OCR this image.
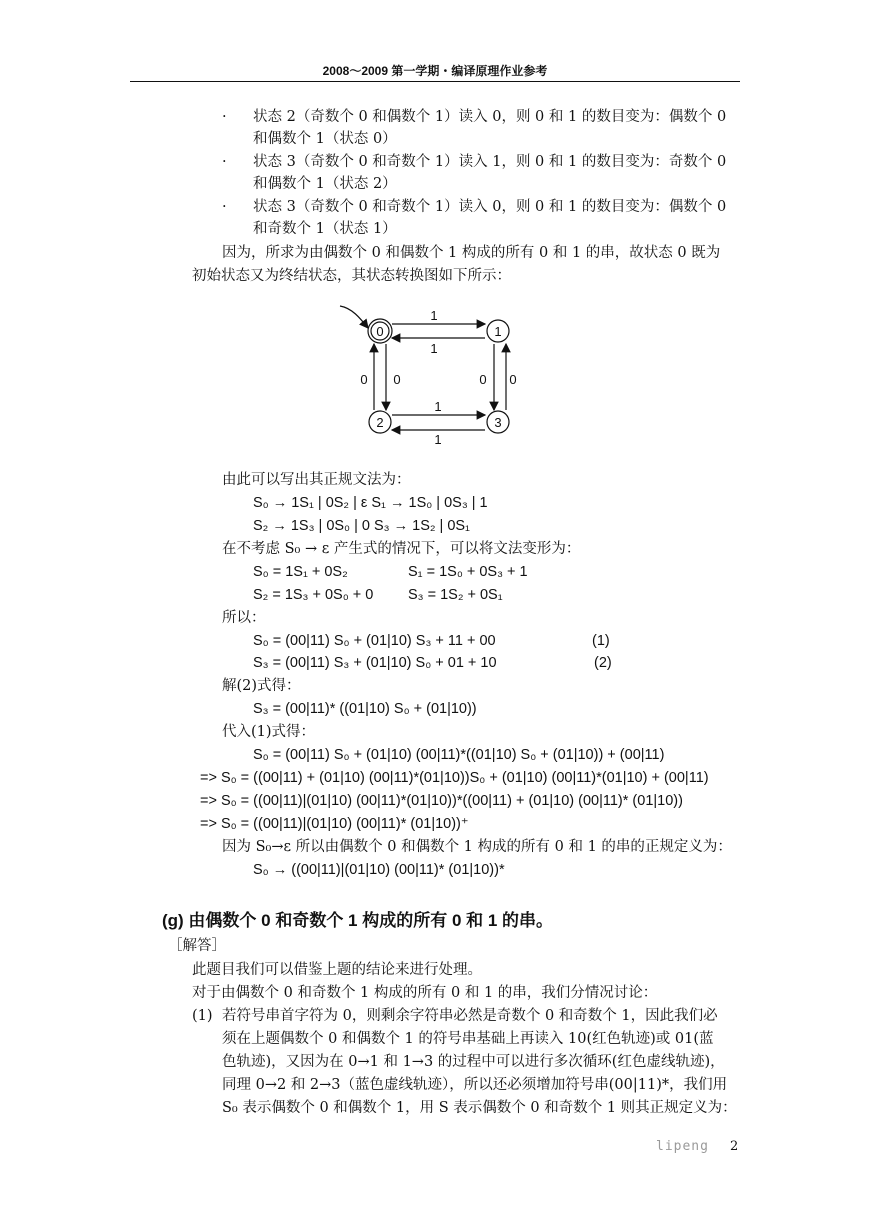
2008～2009 第一学期・编译原理作业参考
· 状态 2（奇数个 0 和偶数个 1）读入 0，则 0 和 1 的数目变为：偶数个 0
和偶数个 1（状态 0）
· 状态 3（奇数个 0 和奇数个 1）读入 1，则 0 和 1 的数目变为：奇数个 0
和偶数个 1（状态 2）
· 状态 3（奇数个 0 和奇数个 1）读入 0，则 0 和 1 的数目变为：偶数个 0
和奇数个 1（状态 1）
因为，所求为由偶数个 0 和偶数个 1 构成的所有 0 和 1 的串，故状态 0 既为
初始状态又为终结状态，其状态转换图如下所示：
0	1
2	3
1
1
0 0	0 0
1
1
由此可以写出其正规文法为：
S₀ → 1S₁ | 0S₂ | ε S₁ → 1S₀ | 0S₃ | 1
S₂ → 1S₃ | 0S₀ | 0 S₃ → 1S₂ | 0S₁
在不考虑 S₀ → ε 产生式的情况下，可以将文法变形为：
S₀ = 1S₁ + 0S₂	S₁ = 1S₀ + 0S₃ + 1
S₂ = 1S₃ + 0S₀ + 0 S₃ = 1S₂ + 0S₁
所以：
S₀ = (00|11) S₀ + (01|10) S₃ + 11 + 00	(1)
S₃ = (00|11) S₃ + (01|10) S₀ + 01 + 10	(2)
解(2)式得：
S₃ = (00|11)* ((01|10) S₀ + (01|10))
代入(1)式得：
S₀ = (00|11) S₀ + (01|10) (00|11)*((01|10) S₀ + (01|10)) + (00|11)
=> S₀ = ((00|11) + (01|10) (00|11)*(01|10))S₀ + (01|10) (00|11)*(01|10) + (00|11)
=> S₀ = ((00|11)|(01|10) (00|11)*(01|10))*((00|11) + (01|10) (00|11)* (01|10))
=> S₀ = ((00|11)|(01|10) (00|11)* (01|10))⁺
因为 S₀→ε 所以由偶数个 0 和偶数个 1 构成的所有 0 和 1 的串的正规定义为：
S₀ → ((00|11)|(01|10) (00|11)* (01|10))*
(g) 由偶数个 0 和奇数个 1 构成的所有 0 和 1 的串。
［解答］
此题目我们可以借鉴上题的结论来进行处理。
对于由偶数个 0 和奇数个 1 构成的所有 0 和 1 的串，我们分情况讨论：
(1) 若符号串首字符为 0，则剩余字符串必然是奇数个 0 和奇数个 1，因此我们必
须在上题偶数个 0 和偶数个 1 的符号串基础上再读入 10(红色轨迹)或 01(蓝
色轨迹)，又因为在 0→1 和 1→3 的过程中可以进行多次循环(红色虚线轨迹)，
同理 0→2 和 2→3（蓝色虚线轨迹），所以还必须增加符号串(00|11)*，我们用
S₀ 表示偶数个 0 和偶数个 1，用 S 表示偶数个 0 和奇数个 1 则其正规定义为：
lipeng 2
